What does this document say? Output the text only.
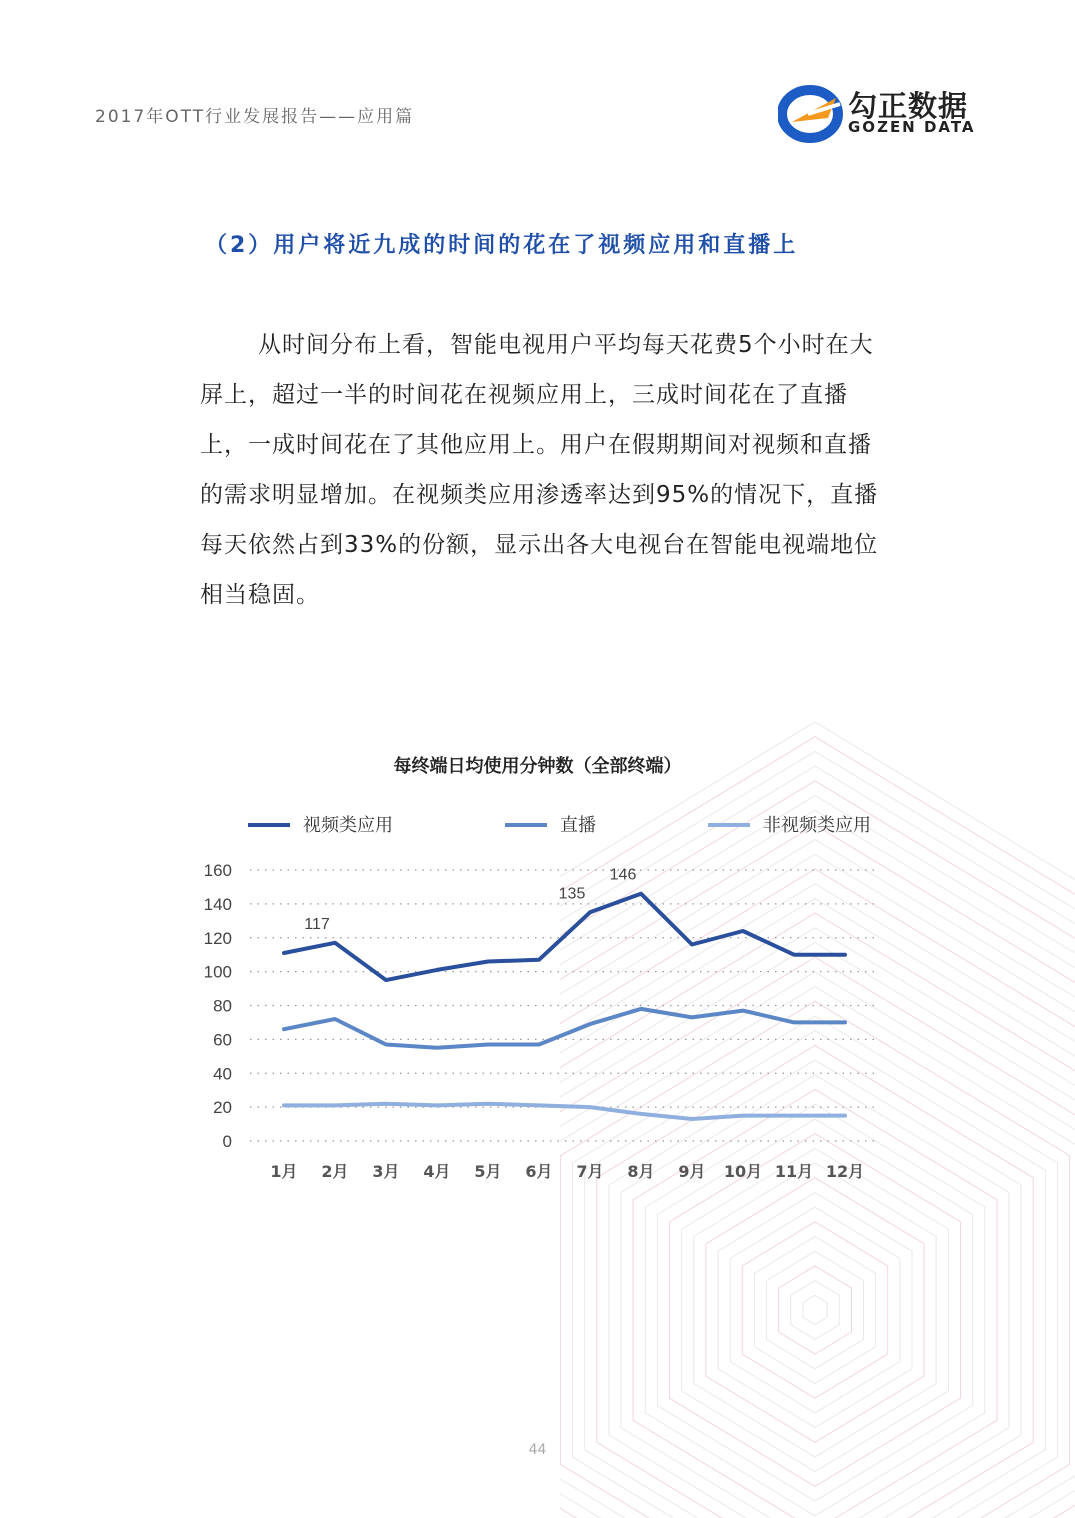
2017年OTT行业发展报告——应用篇	勾正数据
GOZEN DATA
（2）用户将近九成的时间的花在了视频应用和直播上

从时间分布上看，智能电视用户平均每天花费5个小时在大屏上，超过一半的时间花在视频应用上，三成时间花在了直播上，一成时间花在了其他应用上。用户在假期期间对视频和直播的需求明显增加。在视频类应用渗透率达到95%的情况下，直播每天依然占到33%的份额，显示出各大电视台在智能电视端地位相当稳固。

每终端日均使用分钟数（全部终端）
0
20
40
60
80
100
120
140
160
1月 2月 3月 4月 5月 6月 7月 8月 9月 10月 11月 12月
117
135
146
视频类应用	直播	非视频类应用
44
